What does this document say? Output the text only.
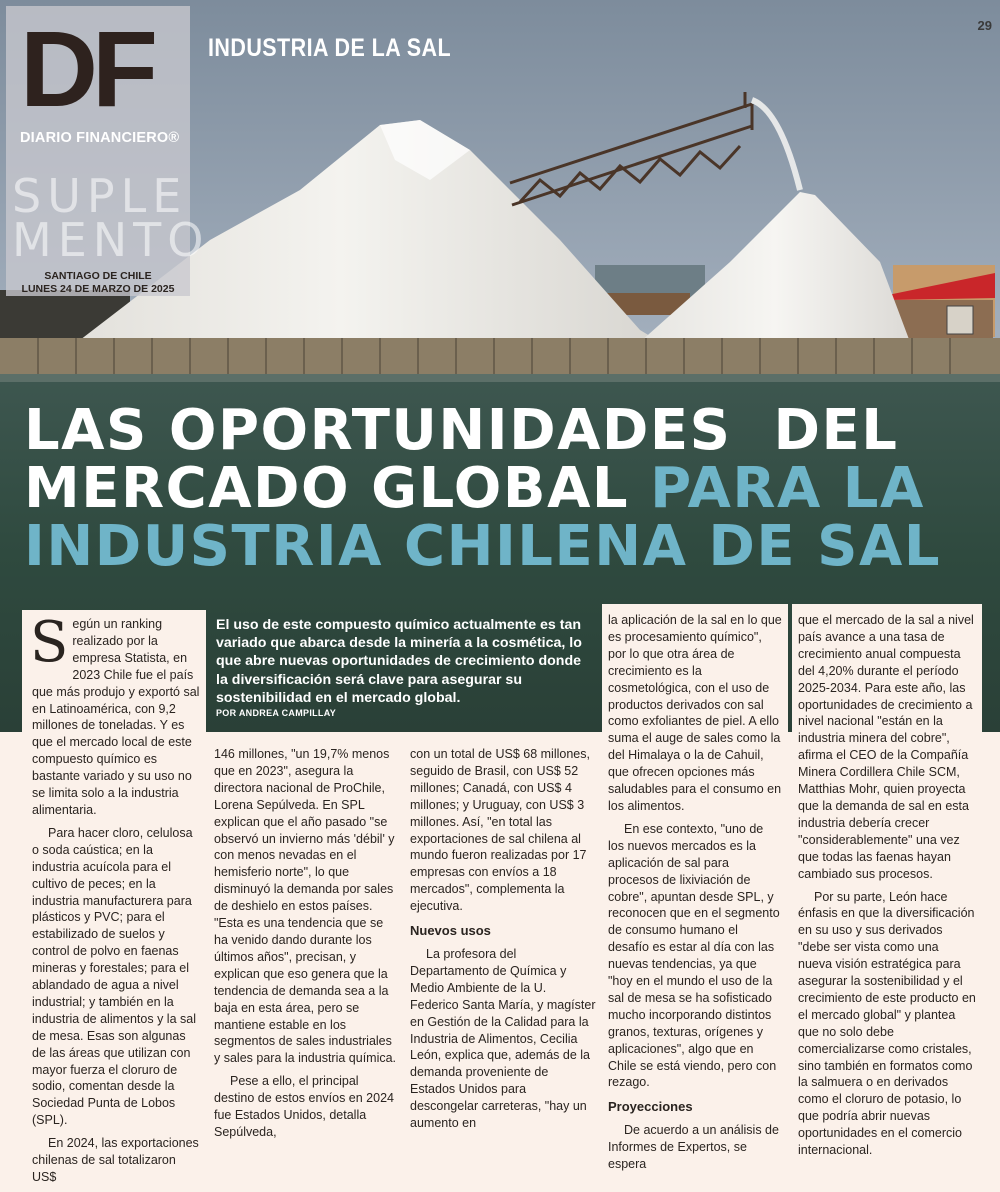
29
DF
DIARIO FINANCIERO®
SUPLE
MENTO
SANTIAGO DE CHILE
LUNES 24 DE MARZO DE 2025
INDUSTRIA DE LA SAL
LAS OPORTUNIDADES  DEL
MERCADO GLOBAL PARA LA
INDUSTRIA CHILENA DE SAL
El uso de este compuesto químico actualmente es tan variado que abarca desde la minería a la cosmética, lo que abre nuevas oportunidades de crecimiento donde la diversificación será clave para asegurar su sostenibilidad en el mercado global.
POR ANDREA CAMPILLAY

Según un ranking realizado por la empresa Statista, en 2023 Chile fue el país que más produjo y exportó sal en Latinoamérica, con 9,2 millones de toneladas. Y es que el mercado local de este compuesto químico es bastante variado y su uso no se limita solo a la industria alimentaria.

Para hacer cloro, celulosa o soda caústica; en la industria acuícola para el cultivo de peces; en la industria manufacturera para plásticos y PVC; para el estabilizado de suelos y control de polvo en faenas mineras y forestales; para el ablandado de agua a nivel industrial; y también en la industria de alimentos y la sal de mesa. Esas son algunas de las áreas que utilizan con mayor fuerza el cloruro de sodio, comentan desde la Sociedad Punta de Lobos (SPL).

En 2024, las exportaciones chilenas de sal totalizaron US$

146 millones, "un 19,7% menos que en 2023", asegura la directora nacional de ProChile, Lorena Sepúlveda. En SPL explican que el año pasado "se observó un invierno más 'débil' y con menos nevadas en el hemisferio norte", lo que disminuyó la demanda por sales de deshielo en estos países. "Esta es una tendencia que se ha venido dando durante los últimos años", precisan, y explican que eso genera que la tendencia de demanda sea a la baja en esta área, pero se mantiene estable en los segmentos de sales industriales y sales para la industria química.

Pese a ello, el principal destino de estos envíos en 2024 fue Estados Unidos, detalla Sepúlveda,

con un total de US$ 68 millones, seguido de Brasil, con US$ 52 millones; Canadá, con US$ 4 millones; y Uruguay, con US$ 3 millones. Así, "en total las exportaciones de sal chilena al mundo fueron realizadas por 17 empresas con envíos a 18 mercados", complementa la ejecutiva.

Nuevos usos

La profesora del Departamento de Química y Medio Ambiente de la U. Federico Santa María, y magíster en Gestión de la Calidad para la Industria de Alimentos, Cecilia León, explica que, además de la demanda proveniente de Estados Unidos para descongelar carreteras, "hay un aumento en

la aplicación de la sal en lo que es procesamiento químico", por lo que otra área de crecimiento es la cosmetológica, con el uso de productos derivados con sal como exfoliantes de piel. A ello suma el auge de sales como la del Himalaya o la de Cahuil, que ofrecen opciones más saludables para el consumo en los alimentos.

En ese contexto, "uno de los nuevos mercados es la aplicación de sal para procesos de lixiviación de cobre", apuntan desde SPL, y reconocen que en el segmento de consumo humano el desafío es estar al día con las nuevas tendencias, ya que "hoy en el mundo el uso de la sal de mesa se ha sofisticado mucho incorporando distintos granos, texturas, orígenes y aplicaciones", algo que en Chile se está viendo, pero con rezago.

Proyecciones

De acuerdo a un análisis de Informes de Expertos, se espera

que el mercado de la sal a nivel país avance a una tasa de crecimiento anual compuesta del 4,20% durante el período 2025-2034. Para este año, las oportunidades de crecimiento a nivel nacional "están en la industria minera del cobre", afirma el CEO de la Compañía Minera Cordillera Chile SCM, Matthias Mohr, quien proyecta que la demanda de sal en esta industria debería crecer "considerablemente" una vez que todas las faenas hayan cambiado sus procesos.

Por su parte, León hace énfasis en que la diversificación en su uso y sus derivados "debe ser vista como una nueva visión estratégica para asegurar la sostenibilidad y el crecimiento de este producto en el mercado global" y plantea que no solo debe comercializarse como cristales, sino también en formatos como la salmuera o en derivados como el cloruro de potasio, lo que podría abrir nuevas oportunidades en el comercio internacional.
